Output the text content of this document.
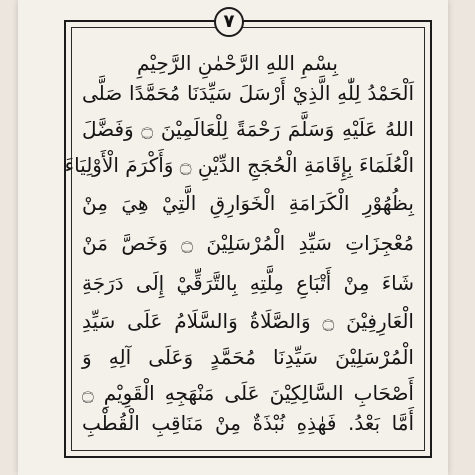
٧
بِسْمِ اللهِ الرَّحْمٰنِ الرَّحِيْمِ
اَلْحَمْدُ لِلّٰهِ الَّذِيْ أَرْسَلَ سَيِّدَنَا مُحَمَّدًا صَلَّى
اللهُ عَلَيْهِ وَسَلَّمَ رَحْمَةً لِلْعَالَمِيْنَ ۝ وَفَضَّلَ
الْعُلَمَاءَ بِإِقَامَةِ الْحُجَجِ الدِّيْنِ ۝ وَأَكْرَمَ الْأَوْلِيَاءَ
بِظُهُوْرِ الْكَرَامَةِ الْخَوَارِقِ الَّتِيْ هِيَ مِنْ
مُعْجِزَاتِ سَيِّدِ الْمُرْسَلِيْنَ ۝ وَخَصَّ مَنْ
شَاءَ مِنْ أَتْبَاعِ مِلَّتِهِ بِالتَّرَقِّيْ إِلَى دَرَجَةِ
الْعَارِفِيْنَ ۝ وَالصَّلَاةُ وَالسَّلَامُ عَلَى سَيِّدِ
الْمُرْسَلِيْنَ سَيِّدِنَا مُحَمَّدٍ وَعَلَى آلِهِ وَ
أَصْحَابِ السَّالِكِيْنَ عَلَى مَنْهَجِهِ الْقَوِيْمِ ۝
أَمَّا بَعْدُ. فَهٰذِهِ نُبْذَةٌ مِنْ مَنَاقِبِ الْقُطْبِ
